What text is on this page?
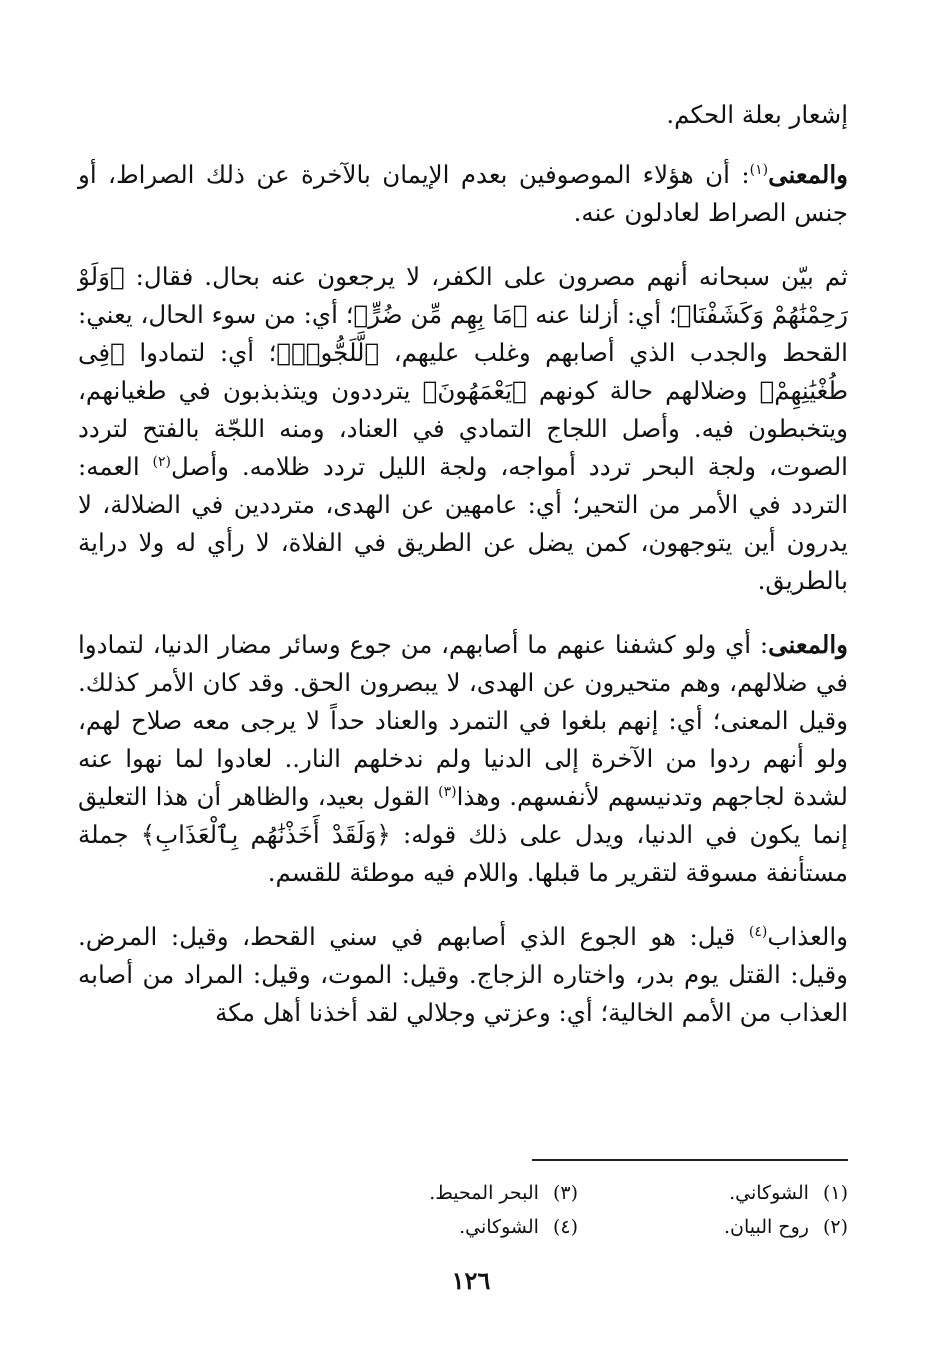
إشعار بعلة الحكم.

والمعنى$^{(١)}$: أن هؤلاء الموصوفين بعدم الإيمان بالآخرة عن ذلك الصراط، أو جنس الصراط لعادلون عنه.

ثم بيّن سبحانه أنهم مصرون على الكفر، لا يرجعون عنه بحال. فقال: ﴿وَلَوْ رَحِمْنَٰهُمْ وَكَشَفْنَا﴾؛ أي: أزلنا عنه ﴿مَا بِهِم مِّن ضُرٍّ﴾؛ أي: من سوء الحال، يعني: القحط والجدب الذي أصابهم وغلب عليهم، ﴿لَّلَجُّوا۟﴾؛ أي: لتمادوا ﴿فِى طُغْيَٰنِهِمْ﴾ وضلالهم حالة كونهم ﴿يَعْمَهُونَ﴾ يترددون ويتذبذبون في طغيانهم، ويتخبطون فيه. وأصل اللجاج التمادي في العناد، ومنه اللجّة بالفتح لتردد الصوت، ولجة البحر تردد أمواجه، ولجة الليل تردد ظلامه. وأصل$^{(٢)}$ العمه: التردد في الأمر من التحير؛ أي: عامهين عن الهدى، مترددين في الضلالة، لا يدرون أين يتوجهون، كمن يضل عن الطريق في الفلاة، لا رأي له ولا دراية بالطريق.

والمعنى: أي ولو كشفنا عنهم ما أصابهم، من جوع وسائر مضار الدنيا، لتمادوا في ضلالهم، وهم متحيرون عن الهدى، لا يبصرون الحق. وقد كان الأمر كذلك. وقيل المعنى؛ أي: إنهم بلغوا في التمرد والعناد حداً لا يرجى معه صلاح لهم، ولو أنهم ردوا من الآخرة إلى الدنيا ولم ندخلهم النار.. لعادوا لما نهوا عنه لشدة لجاجهم وتدنيسهم لأنفسهم. وهذا$^{(٣)}$ القول بعيد، والظاهر أن هذا التعليق إنما يكون في الدنيا، ويدل على ذلك قوله: ﴿وَلَقَدْ أَخَذْنَٰهُم بِٱلْعَذَابِ﴾ جملة مستأنفة مسوقة لتقرير ما قبلها. واللام فيه موطئة للقسم.

والعذاب$^{(٤)}$ قيل: هو الجوع الذي أصابهم في سني القحط، وقيل: المرض. وقيل: القتل يوم بدر، واختاره الزجاج. وقيل: الموت، وقيل: المراد من أصابه العذاب من الأمم الخالية؛ أي: وعزتي وجلالي لقد أخذنا أهل مكة

(١)الشوكاني.
(٢)روح البيان.
(٣)البحر المحيط.
(٤)الشوكاني.
١٢٦
